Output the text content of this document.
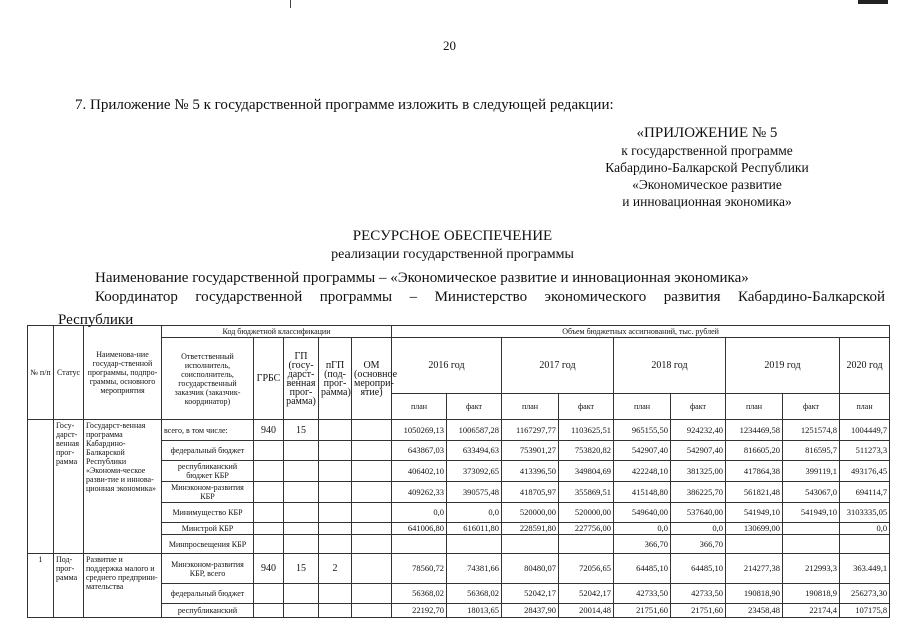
20
7. Приложение № 5 к государственной программе изложить в следующей редакции:
«ПРИЛОЖЕНИЕ № 5
к государственной программе
Кабардино-Балкарской Республики
«Экономическое развитие
и инновационная экономика»
РЕСУРСНОЕ ОБЕСПЕЧЕНИЕ
реализации государственной программы
Наименование государственной программы – «Экономическое развитие и инновационная экономика»
Координатор государственной программы – Министерство экономического развития Кабардино-Балкарской
Республики
№ п/п	Статус	Наименова-ние государ-ственной программы, подпро-граммы, основного мероприятия	Код бюджетной классификации					Объем бюджетных ассигнований, тыс. рублей								
			Ответственный исполнитель, соисполнитель, государственный заказчик (заказчик-координатор)	ГРБС	ГП (госу-дарст-венная прог-рамма)	пГП (под-прог-рамма)	ОМ (основное меропри-ятие)	2016 год		2017 год		2018 год		2019 год		2020 год
								план	факт	план	факт	план	факт	план	факт	план
	Госу-дарст-венная прог-рамма	Государст-венная программа Кабардино-Балкарской Республики «Экономи-ческое разви-тие и иннова-ционная экономика»	всего, в том числе:	940	15			1050269,13	1006587,28	1167297,77	1103625,51	965155,50	924232,40	1234469,58	1251574,8	1004449,7
			федеральный бюджет					643867,03	633494,63	753901,27	753820,82	542907,40	542907,40	816605,20	816595,7	511273,3
			республиканский бюджет КБР					406402,10	373092,65	413396,50	349804,69	422248,10	381325,00	417864,38	399119,1	493176,45
			Минэконом-развития КБР					409262,33	390575,48	418705,97	355869,51	415148,80	386225,70	561821,48	543067,0	694114,7
			Минимущество КБР					0,0	0,0	520000,00	520000,00	549640,00	537640,00	541949,10	541949,10	3103335,05
			Минстрой КБР					641006,80	616011,80	228591,80	227756,00	0,0	0,0	130699,00		0,0
			Минпросвещения КБР									366,70	366,70			
1	Под-прог-рамма	Развитие и поддержка малого и среднего предприни-мательства	Минэконом-развития КБР, всего	940	15	2		78560,72	74381,66	80480,07	72056,65	64485,10	64485,10	214277,38	212993,3	363.449,1
			федеральный бюджет					56368,02	56368,02	52042,17	52042,17	42733,50	42733,50	190818,90	190818,9	256273,30
			республиканский					22192,70	18013,65	28437,90	20014,48	21751,60	21751,60	23458,48	22174,4	107175,8
